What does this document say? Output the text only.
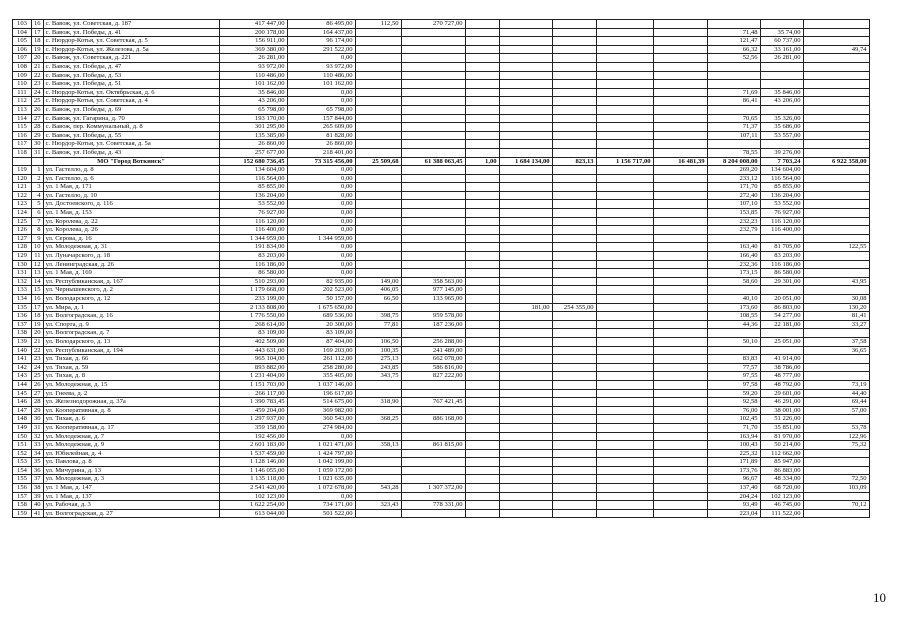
103	16	с. Вавож, ул. Советская, д. 187	417 447,00	86 495,00	112,50	270 727,00								
104	17	с. Вавож, ул. Победы, д. 41	200 178,00	164 437,00								71,48	35 74,00	
105	18	с. Нюрдор-Котья, ул. Советская, д. 5	156 911,00	96 174,00								121,47	60 737,00	
106	19	с. Нюрдор-Котья, ул. Железова, д. 5а	369 380,00	291 522,00								66,32	33 161,00	49,74
107	20	с. Вавож, ул. Советская, д. 221	26 281,00	0,00								52,56	26 281,00	
108	21	с. Вавож, ул. Победы, д. 47	93 972,00	93 972,00										
109	22	с. Вавож, ул. Победы, д. 53	110 486,00	110 486,00										
110	23	с. Вавож, ул. Победы, д. 51	101 162,00	101 162,00										
111	24	с. Нюрдор-Котья, ул. Октябрьская, д. 6	35 846,00	0,00								71,69	35 846,00	
112	25	с. Нюрдор-Котья, ул. Советская, д. 4	43 206,00	0,00								86,41	43 206,00	
113	26	с. Вавож, ул. Победы, д. 69	65 798,00	65 798,00										
114	27	с. Вавож, ул. Гагарина, д. 70	193 170,00	157 844,00								70,65	35 326,00	
115	28	с. Вавож, пер. Коммунальный, д. 8	301 295,00	265 609,00								71,37	35 686,00	
116	29	с. Вавож, ул. Победы, д. 55	135 385,00	81 828,00								107,11	53 557,00	
117	30	с. Нюрдор-Котья, ул. Советская, д. 5а	26 860,00	26 860,00										
118	31	с. Вавож, ул. Победы, д. 43	257 677,00	218 401,00								78,55	39 276,00	
		МО "Город Воткинск"	152 680 736,45	73 315 456,00	25 509,68	61 388 063,45	1,00	1 684 134,00	823,13	1 156 717,00	16 481,39	8 204 008,00	7 703,24	6 922 358,00
119	1	ул. Гастелло, д. 8	134 604,00	0,00								269,20	134 604,00	
120	2	ул. Гастелло, д. 6	116 564,00	0,00								233,12	116 564,00	
121	3	ул. 1 Мая, д. 171	85 855,00	0,00								171,70	85 855,00	
122	4	ул. Гастелло, д. 10	136 204,00	0,00								272,40	136 204,00	
123	5	ул. Достоевского, д. 116	53 552,00	0,00								107,10	53 552,00	
124	6	ул. 1 Мая, д. 153	76 927,00	0,00								153,85	76 927,00	
125	7	ул. Королева, д. 22	116 120,00	0,00								232,23	116 120,00	
126	8	ул. Королева, д. 26	116 400,00	0,00								232,79	116 400,00	
127	9	ул. Серова, д. 16	1 344 959,00	1 344 959,00										
128	10	ул. Молодежная, д. 31	191 834,00	0,00								163,40	81 705,00	122,55
129	11	ул. Луначарского, д. 18	83 203,00	0,00								166,40	83 203,00	
130	12	ул. Ленинградская, д. 26	116 186,00	0,00								232,36	116 186,00	
131	13	ул. 1 Мая, д. 169	86 580,00	0,00								173,15	86 580,00	
132	14	ул. Республиканская, д. 167	510 293,00	82 935,00	149,00	358 563,00						58,60	29 301,00	43,95
133	15	ул. Чернышевского, д. 2	1 179 668,00	202 523,00	406,05	977 145,00								
134	16	ул. Володарского, д. 12	233 199,00	50 157,00	66,50	133 965,00						40,10	20 051,00	30,08
135	17	ул. Мира, д. 1	2 133 808,00	1 675 650,00				181,00	254 355,00			173,60	86 803,00	130,20
136	18	ул. Волгоградская, д. 16	1 776 550,00	689 536,00	398,75	959 578,00						108,55	54 277,00	81,41
137	19	ул. Спорта, д. 9	268 614,00	20 300,00	77,81	187 236,00						44,36	22 181,00	33,27
138	20	ул. Волгоградская, д. 7	83 109,00	83 109,00										
139	21	ул. Володарского, д. 13	402 509,00	87 404,00	106,50	256 288,00						50,10	25 051,00	37,58
140	22	ул. Республиканская, д. 194	443 631,00	169 203,00	100,35	241 489,00								36,65
141	23	ул. Тихая, д. 66	965 104,00	261 112,00	275,13	662 078,00						83,83	41 914,00	
142	24	ул. Тихая, д. 59	893 882,00	258 280,00	243,85	586 816,00						77,57	38 786,00	
143	25	ул. Тихая, д. 8	1 231 404,00	355 405,00	343,75	827 222,00						97,55	48 777,00	
144	26	ул. Молодежная, д. 15	1 151 703,00	1 037 146,00								97,58	48 792,00	73,19
145	27	ул. Гнеева, д. 2	266 117,00	196 617,00								59,20	29 601,00	44,40
146	28	ул. Железнодорожная, д. 37а	1 390 783,45	514 675,00	318,90	767 421,45						92,58	46 291,00	69,44
147	29	ул. Кооперативная, д. 8	459 204,00	369 982,00								76,00	38 001,00	57,00
148	30	ул. Тихая, д. 6	1 297 937,00	360 543,00	368,25	886 168,00						102,45	51 226,00	
149	31	ул. Кооперативная, д. 17	359 158,00	274 984,00								71,70	35 851,00	53,78
150	32	ул. Молодежная, д. 7	192 456,00	0,00								163,94	81 970,00	122,96
151	33	ул. Молодежная, д. 9	2 601 183,00	1 021 471,00	358,13	861 815,00						100,43	50 214,00	75,32
152	34	ул. Юбилейная, д. 4	1 537 459,00	1 424 797,00								225,32	112 662,00	
153	35	ул. Павлова, д. 8	1 128 146,00	1 042 199,00								171,89	85 947,00	
154	36	ул. Мичурина, д. 13	1 146 055,00	1 059 172,00								173,76	86 883,00	
155	37	ул. Молодежная, д. 3	1 135 118,00	1 021 635,00								96,67	48 334,00	72,50
156	38	ул. 1 Мая, д. 147	2 541 420,00	1 072 678,00	543,28	1 307 372,00						137,40	68 720,00	103,09
157	39	ул. 1 Мая, д. 137	102 123,00	0,00								204,24	102 123,00	
158	40	ул. Рабочая, д. 3	1 622 254,00	734 171,00	323,43	778 331,00						93,49	46 745,00	70,12
159	41	ул. Волгоградская, д. 27	613 044,00	501 522,00								223,04	111 522,00	
10
